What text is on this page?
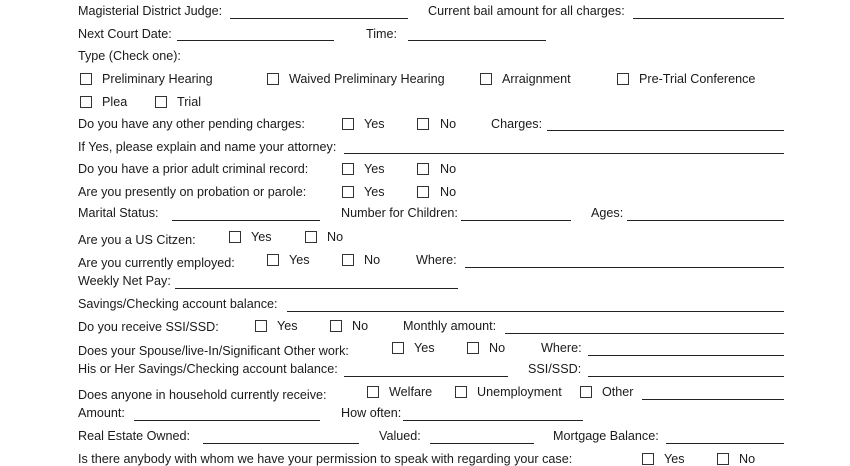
Magisterial District Judge:	Current bail amount for all charges:
Next Court Date:	Time:
Type (Check one):
Preliminary Hearing	Waived Preliminary Hearing	Arraignment	Pre-Trial Conference
Plea	Trial
Do you have any other pending charges:	Yes	No	Charges:
If Yes, please explain and name your attorney:
Do you have a prior adult criminal record:	Yes	No
Are you presently on probation or parole:	Yes	No
Marital Status:	Number for Children:	Ages:
Are you a US Citzen:	Yes	No
Are you currently employed:	Yes	No	Where:
Weekly Net Pay:
Savings/Checking account balance:
Do you receive SSI/SSD:	Yes	No	Monthly amount:
Does your Spouse/live-In/Significant Other work:	Yes	No	Where:
His or Her Savings/Checking account balance:	SSI/SSD:
Does anyone in household currently receive:	Welfare	Unemployment	Other
Amount:	How often:
Real Estate Owned:	Valued:	Mortgage Balance:
Is there anybody with whom we have your permission to speak with regarding your case:	Yes	No
